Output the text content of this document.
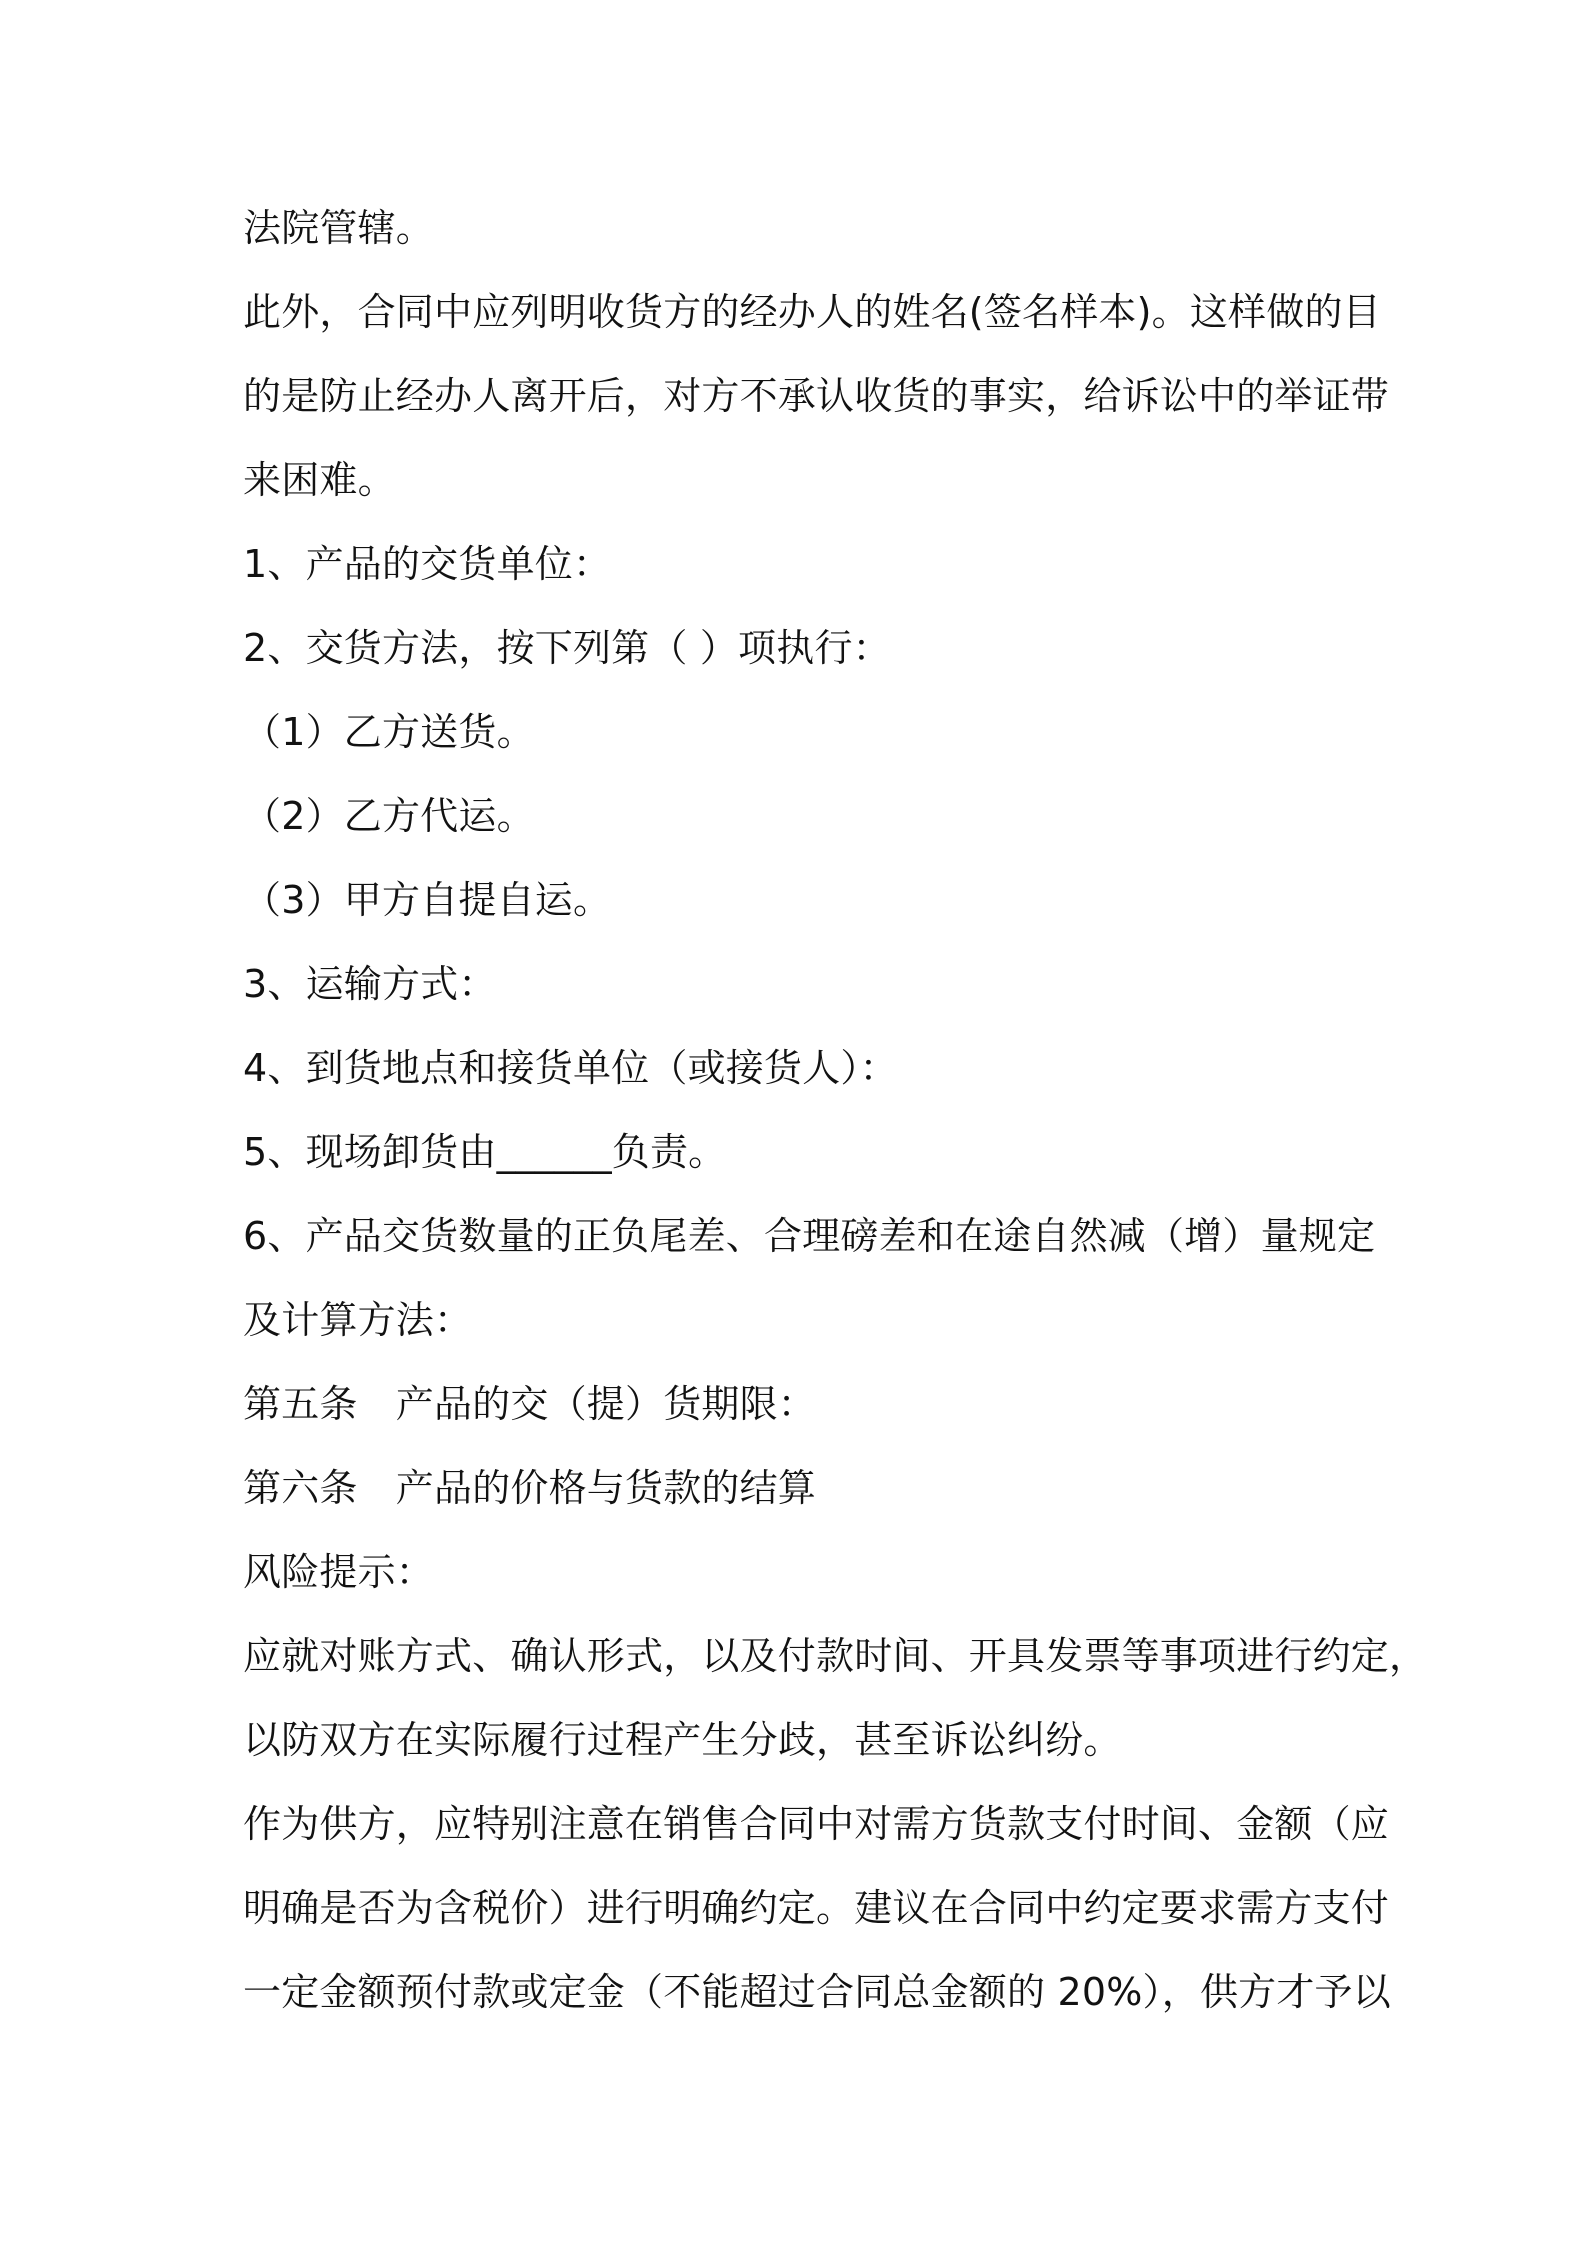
法院管辖。
此外，合同中应列明收货方的经办人的姓名(签名样本)。这样做的目
的是防止经办人离开后，对方不承认收货的事实，给诉讼中的举证带
来困难。
1、产品的交货单位：
2、交货方法，按下列第（ ）项执行：
（1）乙方送货。
（2）乙方代运。
（3）甲方自提自运。
3、运输方式：
4、到货地点和接货单位（或接货人）：
5、现场卸货由______负责。
6、产品交货数量的正负尾差、合理磅差和在途自然减（增）量规定
及计算方法：
第五条　产品的交（提）货期限：
第六条　产品的价格与货款的结算
风险提示：
应就对账方式、确认形式，以及付款时间、开具发票等事项进行约定，
以防双方在实际履行过程产生分歧，甚至诉讼纠纷。
作为供方，应特别注意在销售合同中对需方货款支付时间、金额（应
明确是否为含税价）进行明确约定。建议在合同中约定要求需方支付
一定金额预付款或定金（不能超过合同总金额的 20%），供方才予以
